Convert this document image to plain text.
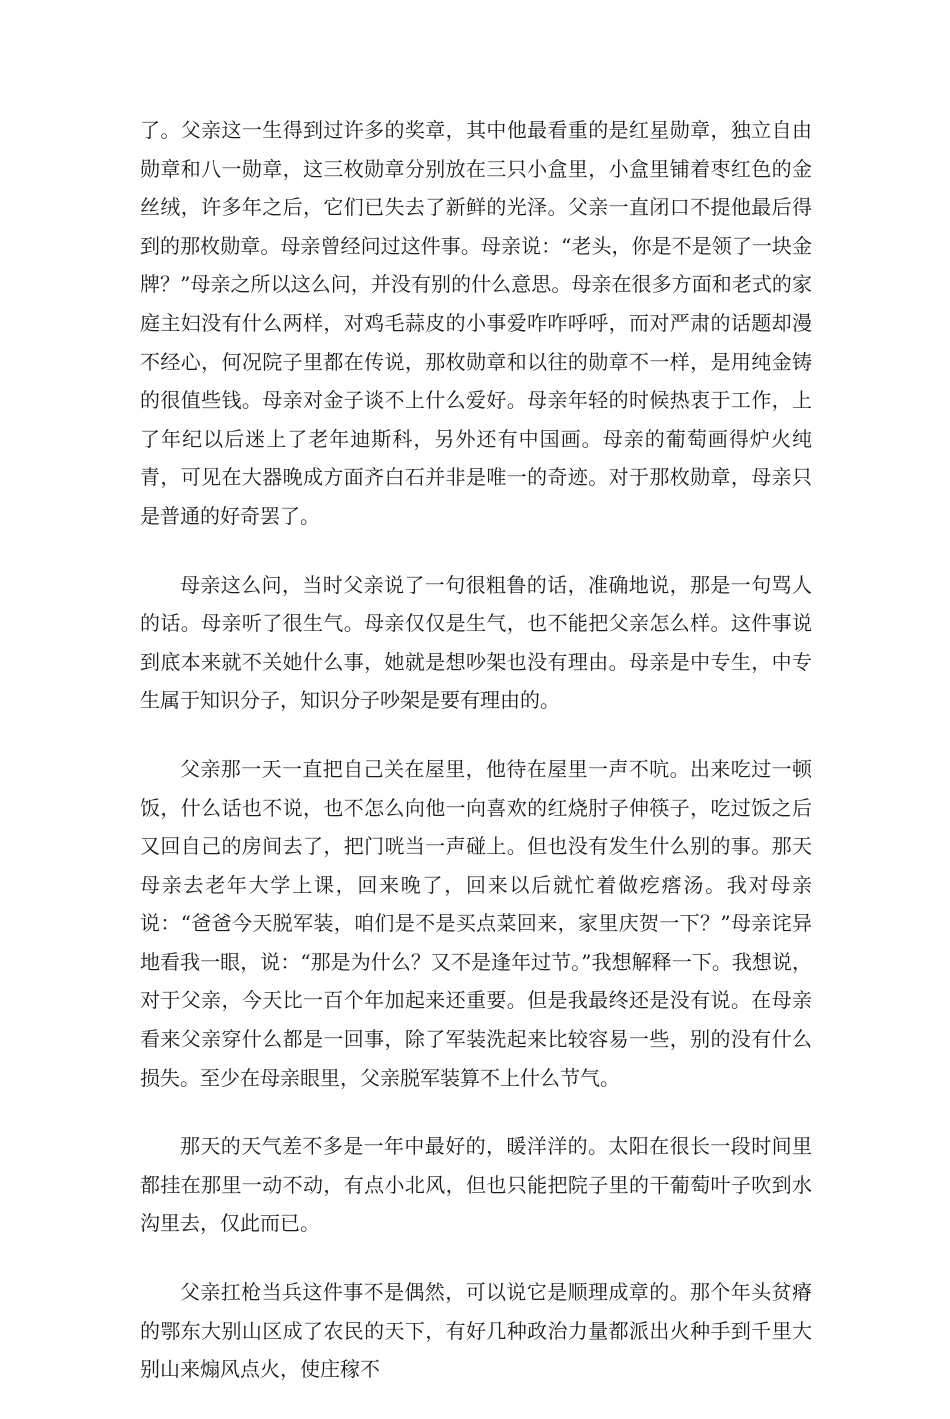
了。父亲这一生得到过许多的奖章，其中他最看重的是红星勋章，独立自由勋章和八一勋章，这三枚勋章分别放在三只小盒里，小盒里铺着枣红色的金丝绒，许多年之后，它们已失去了新鲜的光泽。父亲一直闭口不提他最后得到的那枚勋章。母亲曾经问过这件事。母亲说：“老头，你是不是领了一块金牌？”母亲之所以这么问，并没有别的什么意思。母亲在很多方面和老式的家庭主妇没有什么两样，对鸡毛蒜皮的小事爱咋咋呼呼，而对严肃的话题却漫不经心，何况院子里都在传说，那枚勋章和以往的勋章不一样，是用纯金铸的很值些钱。母亲对金子谈不上什么爱好。母亲年轻的时候热衷于工作，上了年纪以后迷上了老年迪斯科，另外还有中国画。母亲的葡萄画得炉火纯青，可见在大器晚成方面齐白石并非是唯一的奇迹。对于那枚勋章，母亲只是普通的好奇罢了。

母亲这么问，当时父亲说了一句很粗鲁的话，准确地说，那是一句骂人的话。母亲听了很生气。母亲仅仅是生气，也不能把父亲怎么样。这件事说到底本来就不关她什么事，她就是想吵架也没有理由。母亲是中专生，中专生属于知识分子，知识分子吵架是要有理由的。

父亲那一天一直把自己关在屋里，他待在屋里一声不吭。出来吃过一顿饭，什么话也不说，也不怎么向他一向喜欢的红烧肘子伸筷子，吃过饭之后又回自己的房间去了，把门咣当一声碰上。但也没有发生什么别的事。那天母亲去老年大学上课，回来晚了，回来以后就忙着做疙瘩汤。我对母亲说：“爸爸今天脱军装，咱们是不是买点菜回来，家里庆贺一下？”母亲诧异地看我一眼，说：“那是为什么？又不是逢年过节。”我想解释一下。我想说，对于父亲，今天比一百个年加起来还重要。但是我最终还是没有说。在母亲看来父亲穿什么都是一回事，除了军装洗起来比较容易一些，别的没有什么损失。至少在母亲眼里，父亲脱军装算不上什么节气。

那天的天气差不多是一年中最好的，暖洋洋的。太阳在很长一段时间里都挂在那里一动不动，有点小北风，但也只能把院子里的干葡萄叶子吹到水沟里去，仅此而已。

父亲扛枪当兵这件事不是偶然，可以说它是顺理成章的。那个年头贫瘠的鄂东大别山区成了农民的天下，有好几种政治力量都派出火种手到千里大别山来煽风点火，使庄稼不
